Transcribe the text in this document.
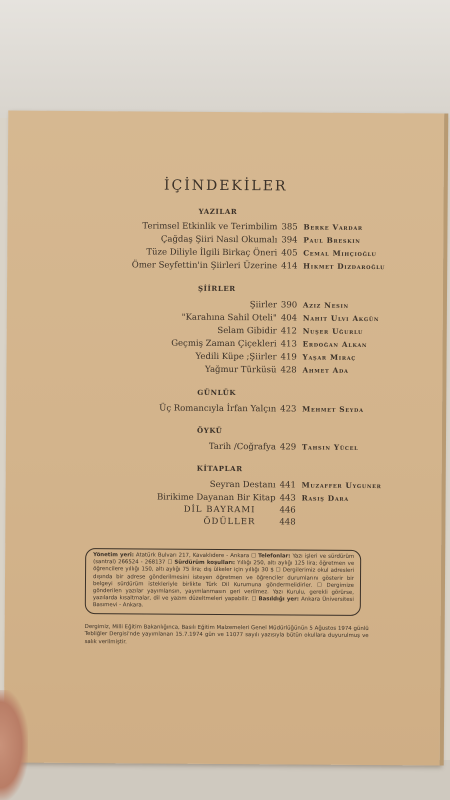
İÇİNDEKİLER
YAZILAR
Terimsel Etkinlik ve Terimbilim 385 Berke Vardar
Çağdaş Şiiri Nasıl Okumalı 394 Paul Breskin
Tüze Diliyle İlgili Birkaç Öneri 405 Cemal Mihçioğlu
Ömer Seyfettin'in Şiirleri Üzerine 414 Hikmet Dizdaroğlu
ŞİİRLER
Şiirler 390 Aziz Nesin
"Karahına Sahil Oteli" 404 Nahit Ulvi Akgün
Selam Gibidir 412 Nuşer Uğurlu
Geçmiş Zaman Çiçekleri 413 Erdoğan Alkan
Yedili Küpe ;Şiirler 419 Yaşar Miraç
Yağmur Türküsü 428 Ahmet Ada
GÜNLÜK
Üç Romancıyla İrfan Yalçın 423 Mehmet Seyda
ÖYKÜ
Tarih /Coğrafya 429 Tahsin Yücel
KİTAPLAR
Seyran Destanı 441 Muzaffer Uyguner
Birikime Dayanan Bir Kitap 443 Rasiş Dara
DİL BAYRAMI	446
ÖDÜLLER	448

Yönetim yeri: Atatürk Bulvarı 217, Kavaklıdere - Ankara ☐ Telefonlar: Yazı işleri ve sürdürüm (santral) 266524 - 268137 ☐ Sürdürüm koşulları: Yıllığı 250, altı aylığı 125 lira; öğretmen ve öğrencilere yıllığı 150, altı aylığı 75 lira; dış ülkeler için yıllığı 30 $ ☐ Dergilerimiz okul adresleri dışında bir adrese gönderilmesini isteyen öğretmen ve öğrenciler durumlarını gösterir bir belgeyi sürdürüm istekleriyle birlikte Türk Dil Kurumuna göndermelidirler. ☐ Dergimize gönderilen yazılar yayımlansın, yayımlanmasın geri verilmez. Yazı Kurulu, gerekli görürse, yazılarda kısaltmalar, dil ve yazım düzeltmeleri yapabilir. ☐ Basıldığı yer: Ankara Üniversitesi Basımevi - Ankara.

Dergimiz, Milli Eğitim Bakanlığınca, Basılı Eğitim Malzemeleri Genel Müdürlüğünün 5 Ağustos 1974 günlü Tebliğler Dergisi'nde yayımlanan 15.7.1974 gün ve 11077 sayılı yazısıyla bütün okullara duyurulmuş ve salık verilmiştir.
